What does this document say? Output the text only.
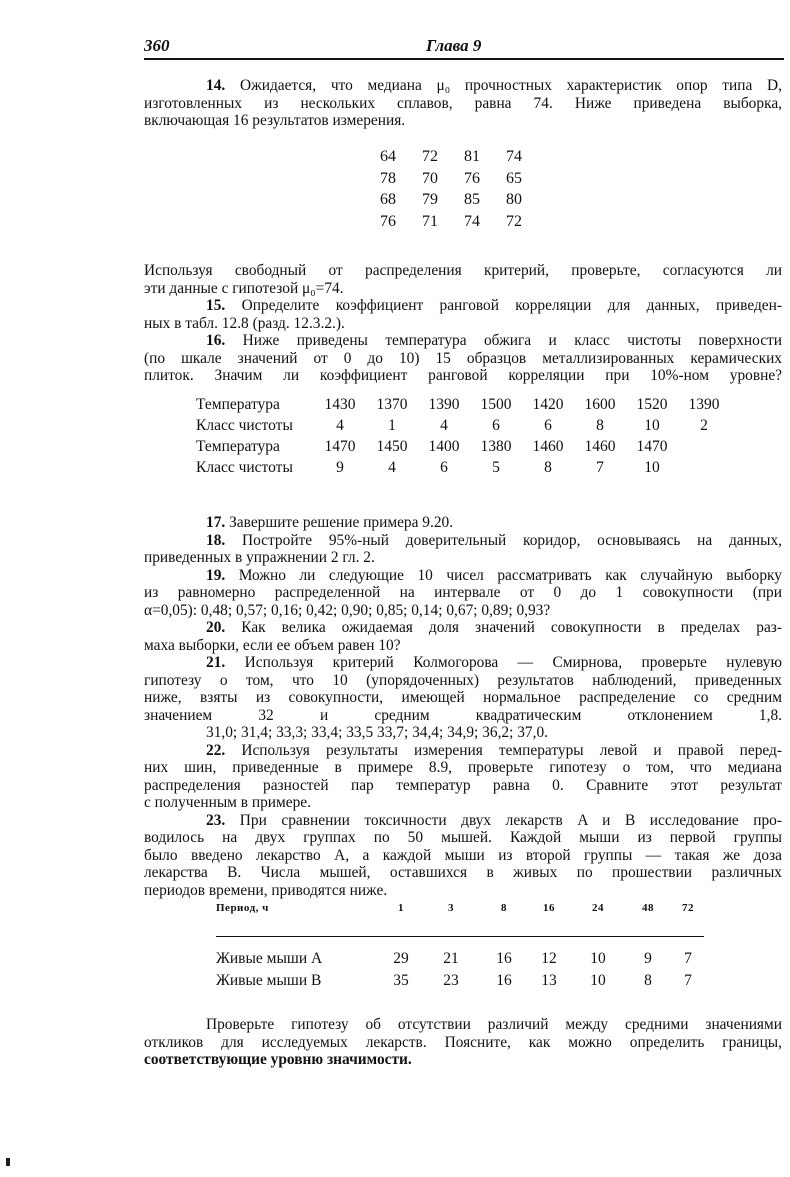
360	Глава 9
14. Ожидается, что медиана μ₀ прочностных характеристик опор типа D,
изготовленных из нескольких сплавов, равна 74. Ниже приведена выборка,
включающая 16 результатов измерения.
64 72 81 74
78 70 76 65
68 79 85 80
76 71 74 72
Используя свободный от распределения критерий, проверьте, согласуются ли
эти данные с гипотезой μ₀=74.
15. Определите коэффициент ранговой корреляции для данных, приведен-
ных в табл. 12.8 (разд. 12.3.2.).
16. Ниже приведены температура обжига и класс чистоты поверхности
(по шкале значений от 0 до 10) 15 образцов металлизированных керамических
плиток. Значим ли коэффициент ранговой корреляции при 10%-ном уровне?
Температура	1430	1370	1390	1500	1420	1600	1520	1390
Класс чистоты	4	1	4	6	6	8	10	2
Температура	1470	1450	1400	1380	1460	1460	1470
Класс чистоты	9	4	6	5	8	7	10
17. Завершите решение примера 9.20.
18. Постройте 95%-ный доверительный коридор, основываясь на данных,
приведенных в упражнении 2 гл. 2.
19. Можно ли следующие 10 чисел рассматривать как случайную выборку
из равномерно распределенной на интервале от 0 до 1 совокупности (при
α=0,05): 0,48; 0,57; 0,16; 0,42; 0,90; 0,85; 0,14; 0,67; 0,89; 0,93?
20. Как велика ожидаемая доля значений совокупности в пределах раз-
маха выборки, если ее объем равен 10?
21. Используя критерий Колмогорова — Смирнова, проверьте нулевую
гипотезу о том, что 10 (упорядоченных) результатов наблюдений, приведенных
ниже, взяты из совокупности, имеющей нормальное распределение со средним
значением 32 и средним квадратическим отклонением 1,8.
31,0; 31,4; 33,3; 33,4; 33,5 33,7; 34,4; 34,9; 36,2; 37,0.
22. Используя результаты измерения температуры левой и правой перед-
них шин, приведенные в примере 8.9, проверьте гипотезу о том, что медиана
распределения разностей пар температур равна 0. Сравните этот результат
с полученным в примере.
23. При сравнении токсичности двух лекарств A и B исследование про-
водилось на двух группах по 50 мышей. Каждой мыши из первой группы
было введено лекарство A, а каждой мыши из второй группы — такая же доза
лекарства B. Числа мышей, оставшихся в живых по прошествии различных
периодов времени, приводятся ниже.
Период, ч	1	3	8	16	24	48	72
Живые мыши A	29	21	16	12	10	9	7
Живые мыши B	35	23	16	13	10	8	7
Проверьте гипотезу об отсутствии различий между средними значениями
откликов для исследуемых лекарств. Поясните, как можно определить границы,
соответствующие уровню значимости.
